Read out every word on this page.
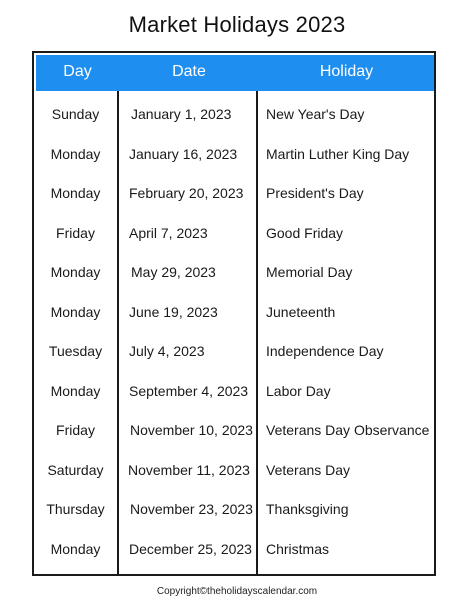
Market Holidays 2023
Day	Date	Holiday
Sunday	January 1, 2023	New Year's Day
Monday	January 16, 2023	Martin Luther King Day
Monday	February 20, 2023	President's Day
Friday	April 7, 2023	Good Friday
Monday	May 29, 2023	Memorial Day
Monday	June 19, 2023	Juneteenth
Tuesday	July 4, 2023	Independence Day
Monday	September 4, 2023	Labor Day
Friday	November 10, 2023 Veterans Day Observance
Saturday	November 11, 2023	Veterans Day
Thursday	November 23, 2023 Thanksgiving
Monday	December 25, 2023	Christmas
Copyright©theholidayscalendar.com
